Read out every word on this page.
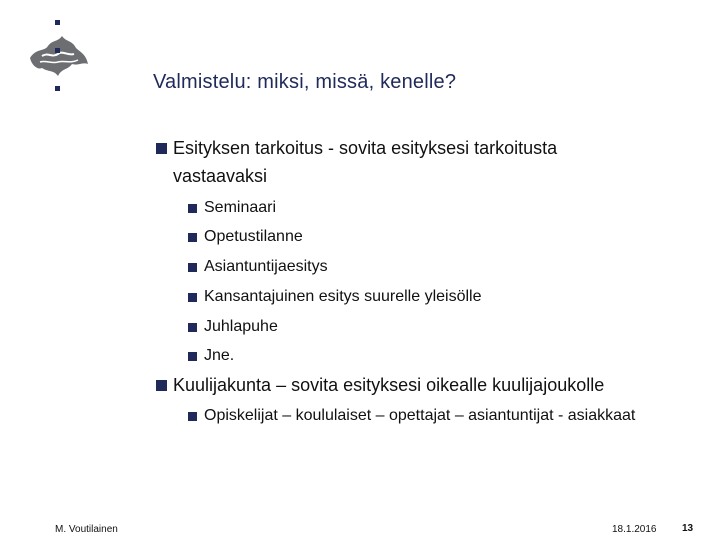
Valmistelu: miksi, missä, kenelle?
Esityksen tarkoitus - sovita esityksesi tarkoitusta
vastaavaksi
Seminaari
Opetustilanne
Asiantuntijaesitys
Kansantajuinen esitys suurelle yleisölle
Juhlapuhe
Jne.
Kuulijakunta – sovita esityksesi oikealle kuulijajoukolle
Opiskelijat – koululaiset – opettajat – asiantuntijat - asiakkaat
M. Voutilainen	18.1.2016	13
